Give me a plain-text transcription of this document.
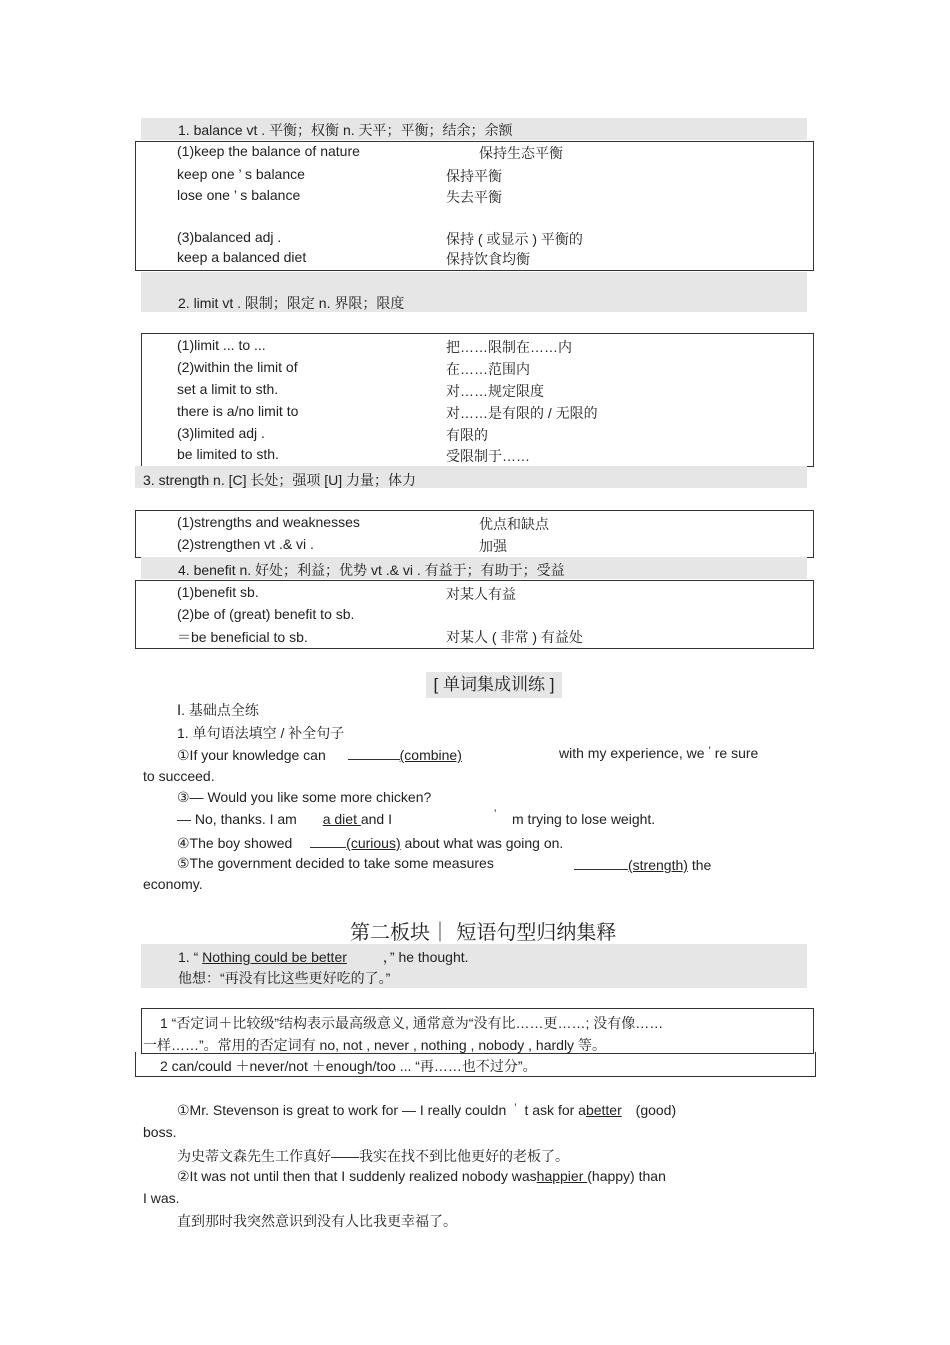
1. balance vt . 平衡；权衡 n. 天平；平衡；结余；余额
(1)keep the balance of nature	保持生态平衡
keep one ’ s balance	保持平衡
lose one ’ s balance	失去平衡
(3)balanced adj .	保持 ( 或显示 ) 平衡的
keep a balanced diet	保持饮食均衡
2. limit vt . 限制；限定 n. 界限；限度
(1)limit ... to ...	把……限制在……内
(2)within the limit of	在……范围内
set a limit to sth.	对……规定限度
there is a/no limit to	对……是有限的 / 无限的
(3)limited adj .	有限的
be limited to sth.	受限制于……
3. strength n. [C] 长处；强项 [U] 力量；体力
(1)strengths and weaknesses	优点和缺点
(2)strengthen vt .& vi .	加强
4. benefit n. 好处；利益；优势 vt .& vi . 有益于；有助于；受益
(1)benefit sb.	对某人有益
(2)be of (great) benefit to sb.
＝be beneficial to sb.	对某人 ( 非常 ) 有益处
[ 单词集成训练 ]
Ⅰ. 基础点全练
1. 单句语法填空 / 补全句子
①If your knowledge can	(combine)	with my experience, we ’ re sure
to succeed.
③— Would you like some more chicken?
— No, thanks. I am a diet and I	’ m trying to lose weight.
④The boy showed	(curious) about what was going on.
⑤The government decided to take some measures	(strength) the
economy.
第二板块｜ 短语句型归纳集释
1. “ Nothing could be better	，” he thought.
他想：“再没有比这些更好吃的了。”
1 “否定词＋比较级”结构表示最高级意义, 通常意为“没有比……更……; 没有像……
一样……”。常用的否定词有 no, not , never , nothing , nobody , hardly 等。
2 can/could ＋never/not ＋enough/too ... “再……也不过分”。
①Mr. Stevenson is great to work for — I really couldn ’ t ask for abetter (good)
boss.
为史蒂文森先生工作真好——我实在找不到比他更好的老板了。
②It was not until then that I suddenly realized nobody washappier (happy) than
I was.
直到那时我突然意识到没有人比我更幸福了。
